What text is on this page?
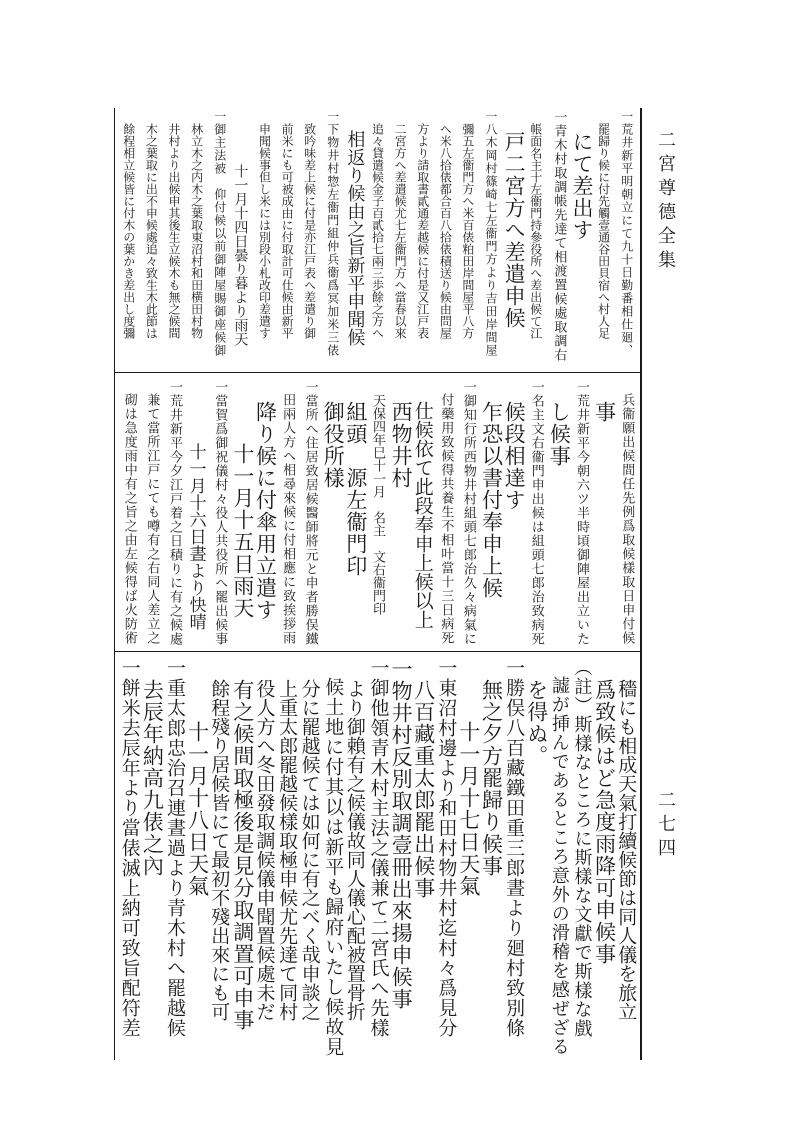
二宮尊德全集
二七四
一荒井新平明朝立にて九十日勤番相仕廻、
罷歸り候に付先觸壹通谷田貝宿へ村人足
にて差出す
一青木村取調帳先達て相渡置候處取調右
帳面名主十左衞門持參役所へ差出候て江
戸二宮方へ差遣申候
一八木岡村篠崎七左衞門方より吉田岸間屋
彌五左衞門方へ米百俵粕田岸間屋平八方
へ米八拾俵都合百八拾俵積送り候由問屋
方より請取書貳通差越候に付是又江戸表
二宮方へ差遣候尤七左衞門方へ當春以來
追々貸遣候金子百貳拾七兩三歩餘之方へ
相返り候由之旨新平申聞候
一下物井村惣左衞門組仲兵衞爲冥加米三俵
致吟味差上候に付是亦江戸表へ差遣り御
前米にも可被成由に付取計可仕候由新平
申聞候事但し米には別段小札改印差遣す
十一月十四日曇り暮より雨天
一御主法被　仰付候以前御陣屋賜御座候御
林立木之内木之葉取東沼村和田横田村物
井村より出候申其後生立候木も無之候間
木之葉取に出不申候處追々致生木此節は
餘程相立候皆に付木の葉かき差出し度彌
兵衞願出候間任先例爲取候樣取日申付候
事
一荒井新平今朝六ツ半時頃御陣屋出立いた
し候事
一名主文右衞門申出候は組頭七郎治致病死
候段相達す
乍恐以書付奉申上候
一御知行所西物井村組頭七郎治久々病氣に
付藥用致候得共養生不相叶當十三日病死
仕候依て此段奉申上候以上
西物井村
天保四年巳十一月　名主　文右衞門印
組頭　源左衞門印
御役所樣
一當所へ住居致居候醫師將元と申者勝俣鐵
田兩人方へ相尋來候に付相應に致挨拶雨
降り候に付傘用立遣す
十一月十五日雨天
一當賀爲御祝儀村々役人共役所へ罷出候事
十一月十六日晝より快晴
一荒井新平今夕江戸着之日積りに有之候處
兼て當所江戸にても噂有之右同人差立之
砌は急度雨中有之旨之由左候得ば火防術
穡にも相成天氣打續候節は同人儀を旅立
爲致候はど急度雨降可申候事
（註）斯樣なところに斯樣な文獻で斯樣な戲
譃が挿んであるところ意外の滑稽を感ぜざる
を得ぬ。
一勝俣八百藏鐵田重三郎晝より廻村致別條
無之夕方罷歸り候事
十一月十七日天氣
一東沼村邊より和田村物井村迄村々爲見分
八百藏重太郎罷出候事
一物井村反別取調壹冊出來揚申候事
一御他領青木村主法之儀兼て二宮氏へ先樣
より御賴有之候儀故同人儀心配被置骨折
候土地に付其以は新平も歸府いたし候故見
分に罷越候ては如何に有之べく哉申談之
上重太郎罷越候樣取極申候尤先達て同村
役人方へ冬田發取調候儀申聞置候處未だ
有之候間取極後是見分取調置可申事
餘程殘り居候皆にて最初不殘出來にも可
十一月十八日天氣
一重太郎忠治召連晝過より青木村へ罷越候
去辰年納高九俵之內
一餅米去辰年より當俵滅上納可致旨配符差
